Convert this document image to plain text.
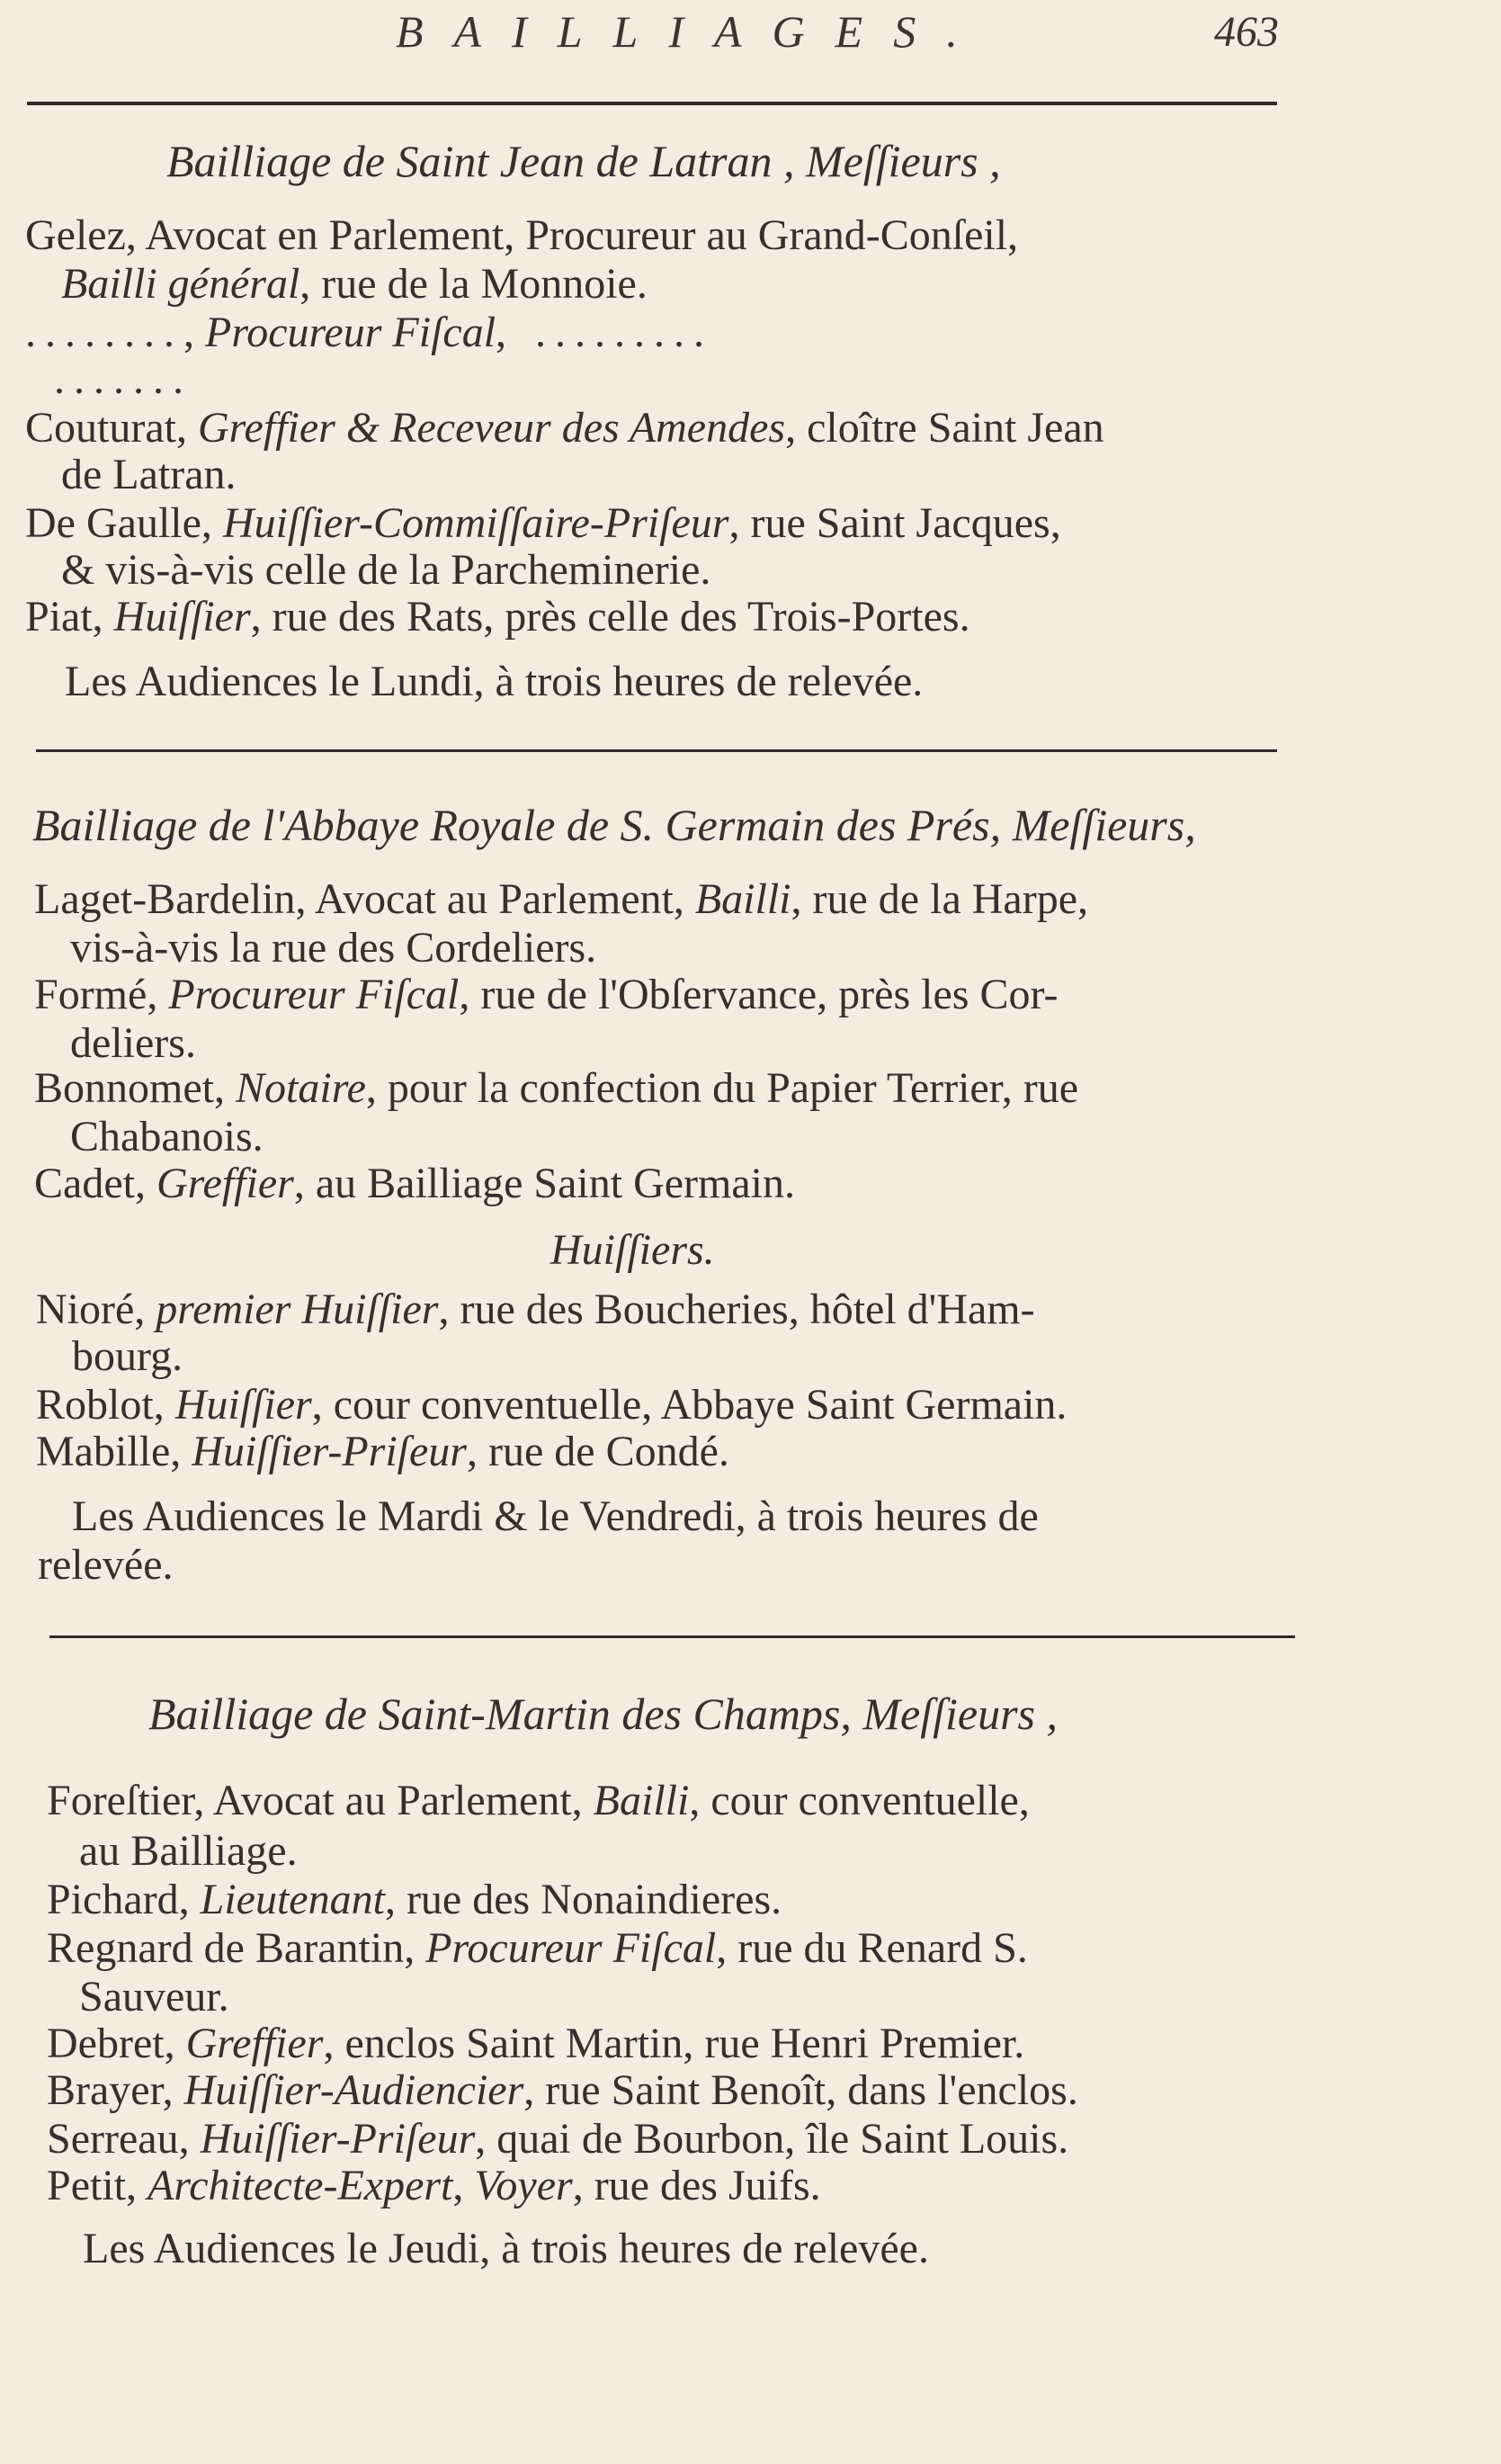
BAILLIAGES.	463
Bailliage de Saint Jean de Latran , Meſſieurs ,
Gelez, Avocat en Parlement, Procureur au Grand-Conſeil,
Bailli général, rue de la Monnoie.
........, Procureur Fiſcal, .........
.......
Couturat, Greffier & Receveur des Amendes, cloître Saint Jean
de Latran.
De Gaulle, Huiſſier-Commiſſaire-Priſeur, rue Saint Jacques,
& vis-à-vis celle de la Parcheminerie.
Piat, Huiſſier, rue des Rats, près celle des Trois-Portes.
Les Audiences le Lundi, à trois heures de relevée.
Bailliage de l'Abbaye Royale de S. Germain des Prés, Meſſieurs,
Laget-Bardelin, Avocat au Parlement, Bailli, rue de la Harpe,
vis-à-vis la rue des Cordeliers.
Formé, Procureur Fiſcal, rue de l'Obſervance, près les Cor-
deliers.
Bonnomet, Notaire, pour la confection du Papier Terrier, rue
Chabanois.
Cadet, Greffier, au Bailliage Saint Germain.
Huiſſiers.
Nioré, premier Huiſſier, rue des Boucheries, hôtel d'Ham-
bourg.
Roblot, Huiſſier, cour conventuelle, Abbaye Saint Germain.
Mabille, Huiſſier-Priſeur, rue de Condé.
Les Audiences le Mardi & le Vendredi, à trois heures de
relevée.
Bailliage de Saint-Martin des Champs, Meſſieurs ,
Foreſtier, Avocat au Parlement, Bailli, cour conventuelle,
au Bailliage.
Pichard, Lieutenant, rue des Nonaindieres.
Regnard de Barantin, Procureur Fiſcal, rue du Renard S.
Sauveur.
Debret, Greffier, enclos Saint Martin, rue Henri Premier.
Brayer, Huiſſier-Audiencier, rue Saint Benoît, dans l'enclos.
Serreau, Huiſſier-Priſeur, quai de Bourbon, île Saint Louis.
Petit, Architecte-Expert, Voyer, rue des Juifs.
Les Audiences le Jeudi, à trois heures de relevée.
